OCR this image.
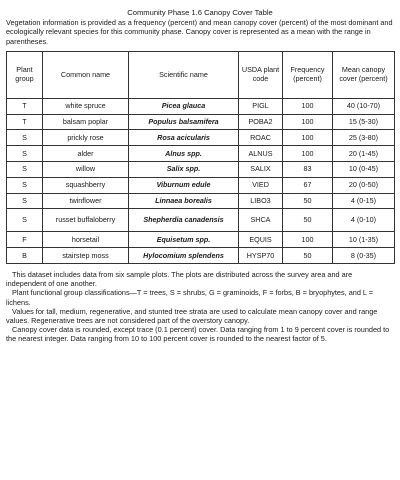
Community Phase 1.6 Canopy Cover Table

Vegetation information is provided as a frequency (percent) and mean canopy cover (percent) of the most dominant and ecologically relevant species for this community phase. Canopy cover is represented as a mean with the range in parentheses.

Plant group	Common name	Scientific name	USDA plant code	Frequency (percent)	Mean canopy cover (percent)
T	white spruce	Picea glauca	PIGL	100	40 (10-70)
T	balsam poplar	Populus balsamifera	POBA2	100	15 (5-30)
S	prickly rose	Rosa acicularis	ROAC	100	25 (3-80)
S	alder	Alnus spp.	ALNUS	100	20 (1-45)
S	willow	Salix spp.	SALIX	83	10 (0-45)
S	squashberry	Viburnum edule	VIED	67	20 (0-50)
S	twinflower	Linnaea borealis	LIBO3	50	4 (0-15)
S	russet buffaloberry	Shepherdia canadensis	SHCA	50	4 (0-10)
F	horsetail	Equisetum spp.	EQUIS	100	10 (1-35)
B	stairstep moss	Hylocomium splendens	HYSP70	50	8 (0-35)

This dataset includes data from six sample plots. The plots are distributed across the survey area and are independent of one another.

Plant functional group classifications—T = trees, S = shrubs, G = graminoids, F = forbs, B = bryophytes, and L = lichens.

Values for tall, medium, regenerative, and stunted tree strata are used to calculate mean canopy cover and range values. Regenerative trees are not considered part of the overstory canopy.

Canopy cover data is rounded, except trace (0.1 percent) cover. Data ranging from 1 to 9 percent cover is rounded to the nearest integer. Data ranging from 10 to 100 percent cover is rounded to the nearest factor of 5.
